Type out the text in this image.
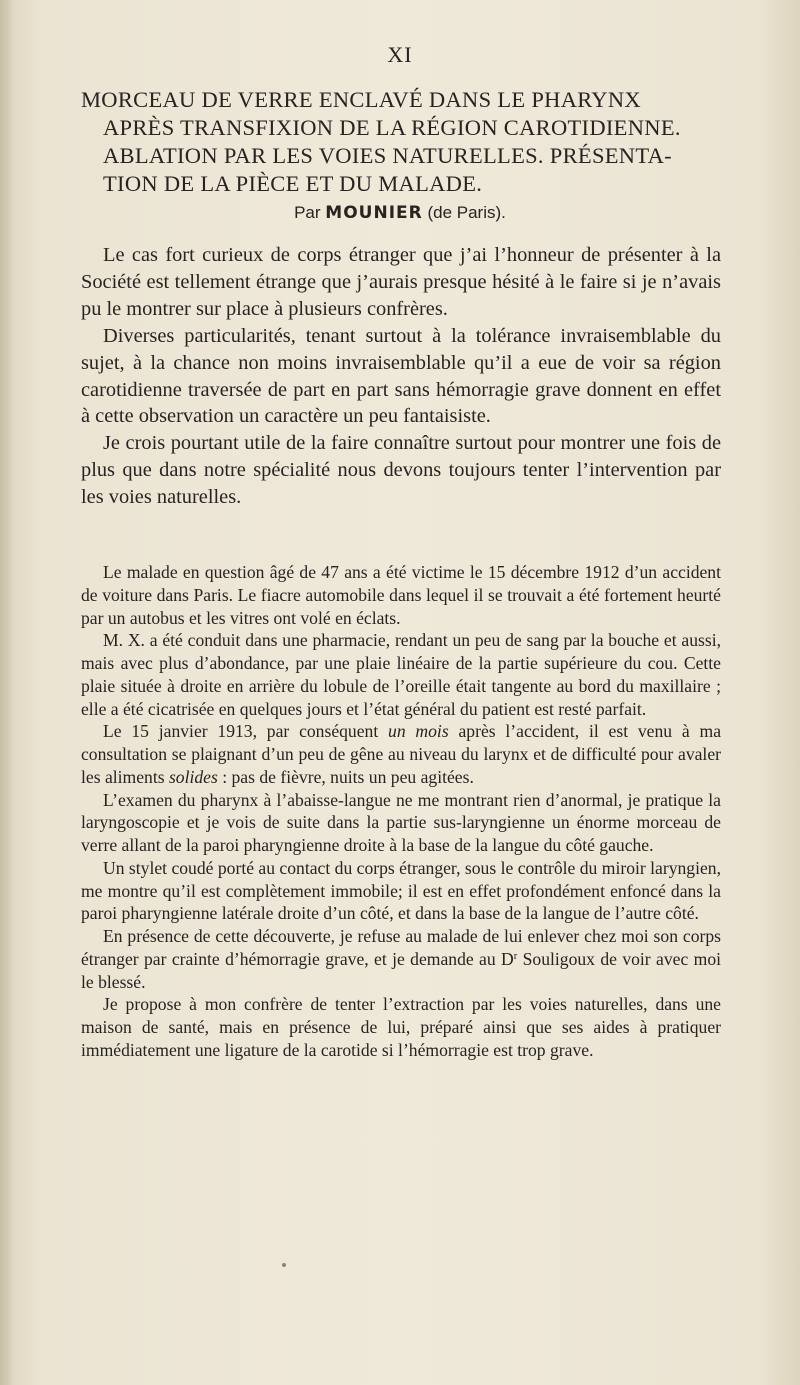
XI
MORCEAU DE VERRE ENCLAVÉ DANS LE PHARYNX
APRÈS TRANSFIXION DE LA RÉGION CAROTIDIENNE.
ABLATION PAR LES VOIES NATURELLES. PRÉSENTA-
TION DE LA PIÈCE ET DU MALADE.
Par MOUNIER (de Paris).

Le cas fort curieux de corps étranger que j’ai l’honneur de présenter à la Société est tellement étrange que j’aurais presque hésité à le faire si je n’avais pu le montrer sur place à plusieurs confrères.

Diverses particularités, tenant surtout à la tolérance invraisemblable du sujet, à la chance non moins invraisemblable qu’il a eue de voir sa région carotidienne traversée de part en part sans hémorragie grave donnent en effet à cette observation un caractère un peu fantaisiste.

Je crois pourtant utile de la faire connaître surtout pour montrer une fois de plus que dans notre spécialité nous devons toujours tenter l’intervention par les voies naturelles.

Le malade en question âgé de 47 ans a été victime le 15 décembre 1912 d’un accident de voiture dans Paris. Le fiacre automobile dans lequel il se trouvait a été fortement heurté par un autobus et les vitres ont volé en éclats.

M. X. a été conduit dans une pharmacie, rendant un peu de sang par la bouche et aussi, mais avec plus d’abondance, par une plaie linéaire de la partie supérieure du cou. Cette plaie située à droite en arrière du lobule de l’oreille était tangente au bord du maxillaire ; elle a été cicatrisée en quelques jours et l’état général du patient est resté parfait.

Le 15 janvier 1913, par conséquent un mois après l’accident, il est venu à ma consultation se plaignant d’un peu de gêne au niveau du larynx et de difficulté pour avaler les aliments solides : pas de fièvre, nuits un peu agitées.

L’examen du pharynx à l’abaisse-langue ne me montrant rien d’anormal, je pratique la laryngoscopie et je vois de suite dans la partie sus-laryngienne un énorme morceau de verre allant de la paroi pharyngienne droite à la base de la langue du côté gauche.

Un stylet coudé porté au contact du corps étranger, sous le contrôle du miroir laryngien, me montre qu’il est complètement immobile; il est en effet profondément enfoncé dans la paroi pharyngienne latérale droite d’un côté, et dans la base de la langue de l’autre côté.

En présence de cette découverte, je refuse au malade de lui enlever chez moi son corps étranger par crainte d’hémorragie grave, et je demande au $D^r$ Souligoux de voir avec moi le blessé.

Je propose à mon confrère de tenter l’extraction par les voies naturelles, dans une maison de santé, mais en présence de lui, préparé ainsi que ses aides à pratiquer immédiatement une ligature de la carotide si l’hémorragie est trop grave.
